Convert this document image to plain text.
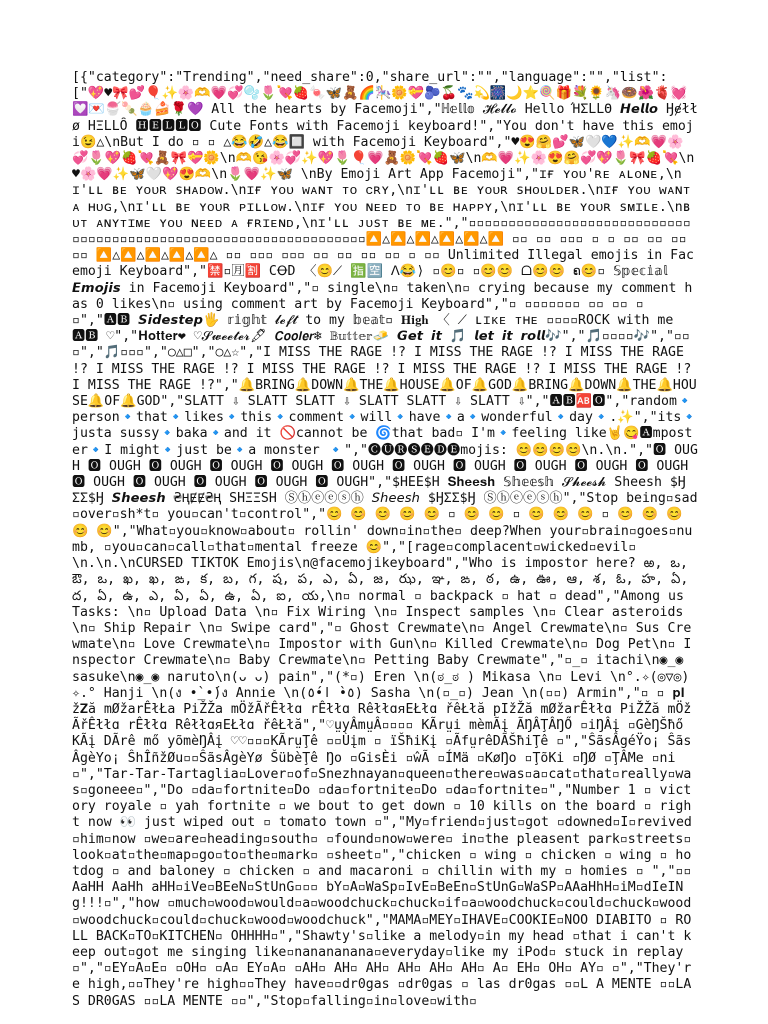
[{"category":"Trending","need_share":0,"share_url":"","language":"","list":
["💖♥🎀💕🎈✨🌸🫶💗💞🫧🌷💘🍓🍬🦋🧸🌈🎠🌼💝🫐🍒🐾💫🎆🌙⭐🍭🎁💐🌻🦄🍩🌺🫀💓💟💌🍧🍡🧁🍰🌹💜 All the hearts by Facemoji","ℍ𝕖𝕝𝕝𝕠 𝓗𝓮𝓵𝓵𝓸 Hello ΉΣLLΘ 𝙃𝙚𝙡𝙡𝙤 Ӈɇłłø HΞLLȎ 🅷🅴🅻🅻🅾 Cute Fonts with Facemoji keyboard!","You don't have this emoji😉△\nBut I do ▫ ▫ △😂🤣△😂🔲 with Facemoji Keyboard","♥😍🤗💕🦋🤍💙✨🫶💗🌸💞🌷💖🍓💘🧸🎀💝🌼\n🫶😘🌸💞✨💖🌷🎈💗🧸🌼💘🍓🦋\n🫶💗✨🌸😍🤗💞💖🌷🎀🍓💘\n♥🌸💗✨🦋🤍💖😍🫶\n🌷💗✨🦋 \nBy Emoji Art App Facemoji","ɪғ ʏᴏᴜ'ʀᴇ ᴀʟᴏɴᴇ,\nɪ'ʟʟ ʙᴇ ʏᴏᴜʀ sʜᴀᴅᴏᴡ.\nɪғ ʏᴏᴜ ᴡᴀɴᴛ ᴛᴏ ᴄʀʏ,\nɪ'ʟʟ ʙᴇ ʏᴏᴜʀ sʜᴏᴜʟᴅᴇʀ.\nɪғ ʏᴏᴜ ᴡᴀɴᴛ ᴀ ʜᴜɢ,\nɪ'ʟʟ ʙᴇ ʏᴏᴜʀ ᴘɪʟʟᴏᴡ.\nɪғ ʏᴏᴜ ɴᴇᴇᴅ ᴛᴏ ʙᴇ ʜᴀᴘᴘʏ,\nɪ'ʟʟ ʙᴇ ʏᴏᴜʀ sᴍɪʟᴇ.\nʙᴜᴛ ᴀɴʏᴛɪᴍᴇ ʏᴏᴜ ɴᴇᴇᴅ ᴀ ғʀɪᴇɴᴅ,\nɪ'ʟʟ ᴊᴜsᴛ ʙᴇ ᴍᴇ.","▫▫▫▫▫▫▫▫▫▫▫▫▫▫▫▫▫▫▫▫▫▫▫▫▫▫▫▫▫▫▫▫▫▫▫▫▫▫▫▫▫▫▫▫▫▫▫▫▫▫▫▫▫▫▫▫▫▫▫▫▫▫▫▫▫🔼△🔼△🔼△🔼△🔼△🔼 ▫▫ ▫▫ ▫▫▫ ▫ ▫ ▫▫ ▫▫ ▫▫ ▫▫ 🔼△🔼△🔼△🔼△🔼△ ▫▫ ▫▫▫ ▫▫▫ ▫▫ ▫▫ ▫▫ ▫▫ ▫ ▫▫ Unlimited Illegal emojis in Facemoji Keyboard","🈲▫🈷🈹 CꝊD 〈😊⟋ 🈯🈳 ᐱ😂⟩ ▫😊▫ ▫😊😊 ᗝ😊😊 ຄ😊▫ 𝕊𝕡𝕖𝕔𝕚𝕒𝕝 𝙀𝙢𝙤𝙟𝙞𝙨 in Facemoji Keyboard","▫ single\n▫ taken\n▫ crying because my comment has 0 likes\n▫ using comment art by Facemoji Keyboard","▫ ▫▫▫▫▫▫▫ ▫▫ ▫▫ ▫▫","🅰🅱 𝙎𝙞𝙙𝙚𝙨𝙩𝙚𝙥🖐 𝕣𝕚𝕘𝕙𝕥 𝓵𝓮𝓯𝓽 to my 𝕓𝕖𝕒𝕥▫ 𝐇𝐢𝐠𝐡 〈 ⟋ ʟɪᴋᴇ ᴛʜᴇ ▫▫▫▫ROCK with me 🅰🅱 ♡","𝐇𝐨𝐭𝐭𝐞𝐫❤ ♡𝓢𝔀𝓮𝓮𝓽𝓮𝓻🖋 𝘾𝙤𝙤𝙡𝙚𝙧❄ 𝔹𝕦𝕥𝕥𝕖𝕣🧈 𝙂𝙚𝙩 𝙞𝙩 🎵 𝙡𝙚𝙩 𝙞𝙩 𝙧𝙤𝙡𝙡🎶","🎵▫▫▫▫🎶","▫▫▫","🎵▫▫▫","○△□","○△☆","I MISS THE RAGE !? I MISS THE RAGE !? I MISS THE RAGE !? I MISS THE RAGE !? I MISS THE RAGE !? I MISS THE RAGE !? I MISS THE RAGE !? I MISS THE RAGE !?","🔔BRING🔔DOWN🔔THE🔔HOUSE🔔OF🔔GOD🔔BRING🔔DOWN🔔THE🔔HOUSE🔔OF🔔GOD","SLATT ⇩ SLATT SLATT ⇩ SLATT SLATT ⇩ SLATT ⇩","🅰🅱🆎🅾","random🔹person🔹that🔹likes🔹this🔹comment🔹will🔹have🔹a🔹wonderful🔹day🔹.✨","its🔹justa sussy🔹baka🔹and it 🚫cannot be 🌀that bad▫ I'm🔹feeling like🤘😋🅰mposter🔹I might🔹just be🔹a monster 🔹","🅒🅤🅡🅢🅔🅓🅔mojis: 😊😊😊😊\n.\n.","🅾 OUGH 🅾 OUGH 🅾 OUGH 🅾 OUGH 🅾 OUGH 🅾 OUGH 🅾 OUGH 🅾 OUGH 🅾 OUGH 🅾 OUGH 🅾 OUGH 🅾 OUGH 🅾 OUGH 🅾 OUGH 🅾 OUGH 🅾 OUGH","$HEE$H 𝐒𝐡𝐞𝐞𝐬𝐡 𝕊𝕙𝕖𝕖𝕤𝕙 𝓢𝓱𝓮𝓮𝓼𝓱 Sheesh $Ӈ ΣΣ$Ӈ 𝙎𝙝𝙚𝙚𝙨𝙝 ₴ⱧɆɆ₴Ⱨ SHΞΞSH Ⓢⓗⓔⓔⓢⓗ 𝘚𝘩𝘦𝘦𝘴𝘩 $ӇΣΣ$Ӈ Ⓢⓗⓔⓔⓢⓗ","Stop being▫sad▫over▫sh*t▫ you▫can't▫control","😊 😊 😊 😊 😊 ▫ 😊 😊 ▫ 😊 😊 😊 ▫ 😊 😊 😊 😊 😊","What▫you▫know▫about▫ rollin' down▫in▫the▫ deep?When your▫brain▫goes▫numb, ▫you▫can▫call▫that▫mental freeze 😊","[rage▫complacent▫wicked▫evil▫\n.\n.\nCURSED TIKTOK Emojis\n@facemojikeyboard","Who is impostor here? ఱ, ఒ, ఔ, ఒ, ఖ, ఖ, ఙ, క, బ, గ, ష, ప, ఎ, ఏ, జ, ఝ, ఞ, ఙ, ఠ, ఉ, ఊ, ఆ, శ, ఓ, హ, ఏ, ద, ఏ, ఉ, ఎ, ఏ, ఏ, ఉ, ఏ, ఐ, య,\n▫ normal ▫ backpack ▫ hat ▫ dead","Among us Tasks: \n▫ Upload Data \n▫ Fix Wiring \n▫ Inspect samples \n▫ Clear asteroids \n▫ Ship Repair \n▫ Swipe card","▫ Ghost Crewmate\n▫ Angel Crewmate\n▫ Sus Crewmate\n▫ Love Crewmate\n▫ Impostor with Gun\n▫ Killed Crewmate\n▫ Dog Pet\n▫ Inspector Crewmate\n▫ Baby Crewmate\n▫ Petting Baby Crewmate","▫_▫ itachi\n◉_◉ sasuke\n◉_◉ naruto\n(ᴗ ᴗ) pain","(*▫) Eren \n(ಠ_ಠ ) Mikasa \n▫ Levi \n°.✧(◎▽◎)✧.° Hanji \n(ง •̀_•́)ง Annie \n(٥•̀ ا•́٥) Sasha \n(▫_▫) Jean \n(▫▫) Armin","▫ ▫ 𝐩𝐈ž𝐙ă mØžarÊłŁa PiŽŽa mÖžÃřÊłłɑ rÊłłɑ RêłłɑᴙEŁłɑ řêŁłă pIžŽă mØžarÊłłɑ PiŽŽă mÖžÃřÊłłɑ rÊłłɑ RêłłɑᴙEŁłɑ řêŁłă","♡ṳyÂmṳÂ▫▫▫▫ KÃrṳi mèmÃį ÃŊÂŢÂŊŐ ▫iŊÂį ▫GèŊŠħő KÃį DÃrê mő yõmèŊÂį ♡♡▫▫▫KÃrṳŢê ▫▫Ùįm ▫ ïŠħiKį ▫ÃfṳrêDÃŠħiŢê ▫","ŜãsÂgéŸo¡ ŜãsÂgèYo¡ ŜhÎñžØu▫▫ŜãsÂgèYø ŠübèŢê Ŋo ▫GisÈi ▫ŵÃ ▫ÍMä ▫KøŊo ▫ŢõKi ▫ŊØ ▫ŢÂMe ▫ni ▫","Tar-Tar-Tartaglia▫Lover▫of▫Snezhnayan▫queen▫there▫was▫a▫cat▫that▫really▫was▫goneee▫","Do ▫da▫fortnite▫Do ▫da▫fortnite▫Do ▫da▫fortnite▫","Number 1 ▫ victory royale ▫ yah fortnite ▫ we bout to get down ▫ 10 kills on the board ▫ right now 👀 just wiped out ▫ tomato town ▫","My▫friend▫just▫got ▫downed▫I▫revived ▫him▫now ▫we▫are▫heading▫south▫ ▫found▫now▫were▫ in▫the pleasent park▫streets▫look▫at▫the▫map▫go▫to▫the▫mark▫ ▫sheet▫","chicken ▫ wing ▫ chicken ▫ wing ▫ hotdog ▫ and baloney ▫ chicken ▫ and macaroni ▫ chillin with my ▫ homies ▫ ","▫▫AaHH AaHh aHH▫iVe▫BEeN▫StUnG▫▫▫ bY▫A▫WaSp▫IvE▫BeEn▫StUnG▫WaSP▫AAaHhH▫iM▫dIeINg!!!▫","how ▫much▫wood▫would▫a▫woodchuck▫chuck▫if▫a▫woodchuck▫could▫chuck▫wood▫woodchuck▫could▫chuck▫wood▫woodchuck","MAMA▫MEY▫IHAVE▫COOKIE▫NOO DIABITO ▫ ROLL BACK▫TO▫KITCHEN▫ OHHHH▫","Shawty's▫like a melody▫in my head ▫that i can't keep out▫got me singing like▫nanananana▫everyday▫like my iPod▫ stuck in replay▫","▫EY▫A▫E▫ ▫OH▫ ▫A▫ EY▫A▫ ▫AH▫ AH▫ AH▫ AH▫ AH▫ AH▫ A▫ EH▫ OH▫ AY▫ ▫","They're high,▫▫They're high▫▫They have▫▫dr0gas ▫dr0gas ▫ las dr0gas ▫▫L A MENTE ▫▫LAS DR0GAS ▫▫LA MENTE ▫▫","Stop▫falling▫in▫love▫with▫
